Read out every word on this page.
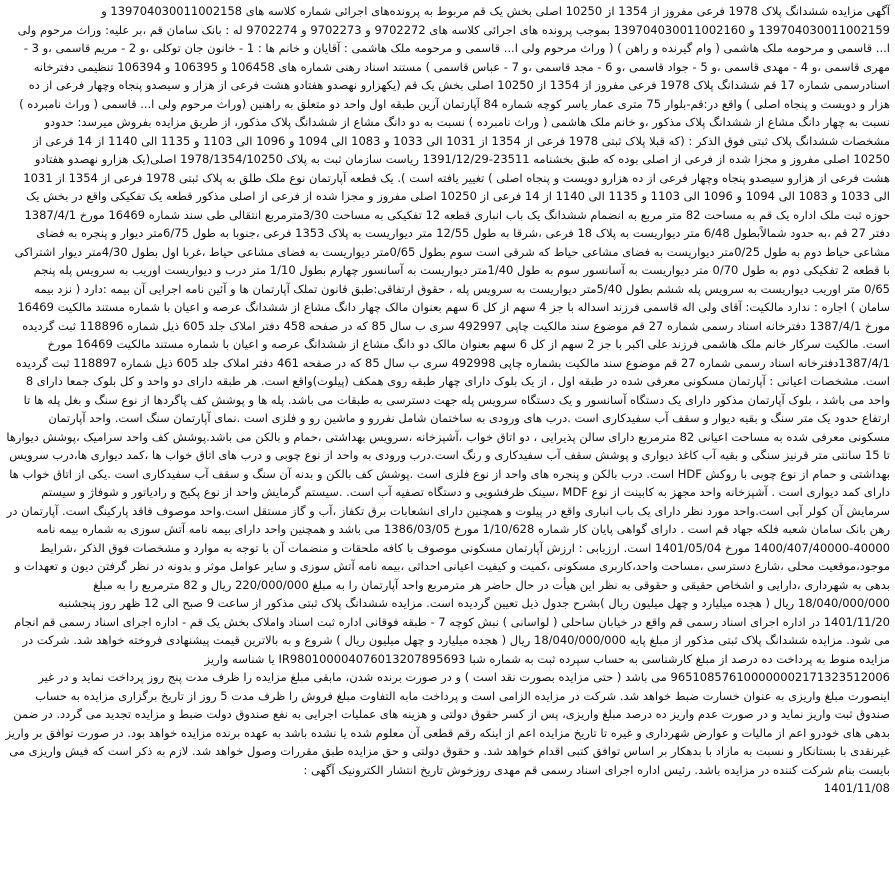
آگهی مزایده ششدانگ پلاک 1978 فرعی مفروز از 1354 از 10250 اصلی بخش یک قم مربوط به پرونده‌های اجرائی شماره کلاسه های 139704030011002158 و 139704030011002159 و 139704030011002160 بموجب پرونده های اجرائی کلاسه های 9702272 و 9702273 و 9702274 له : بانک سامان قم ،بر علیه: وراث مرحوم ولی ا... قاسمی و مرحومه ملک هاشمی ( وام گیرنده و راهن ) ( وراث مرحوم ولی ا... قاسمی و مرحومه ملک هاشمی : آقایان و خانم ها : 1 - خانون جان توکلی ،و 2 - مریم قاسمی ،و 3 - مهری قاسمی ،و 4 - مهدی قاسمی ،و 5 - جواد قاسمی ،و 6 - مجد قاسمی ،و 7 - عباس قاسمی ) مستند اسناد رهنی شماره های 106458 و 106395 و 106394 تنظیمی دفترخانه اسنادرسمی شماره 17 قم ششدانگ پلاک 1978 فرعی مفروز از 1354 از 10250 اصلی بخش یک قم (یکهزارو نهصدو هفتادو هشت فرعی از هزار و سیصدو پنجاه وچهار فرعی از ده هزار و دویست و پنجاه اصلی ) واقع در:قم-بلوار 75 متری عمار یاسر کوچه شماره 84 آپارتمان آرین طبقه اول واحد دو متعلق به راهنین (وراث مرحوم ولی ا... قاسمی ( وراث نامبرده ) نسبت به چهار دانگ مشاع از ششدانگ پلاک مذکور ،و خانم ملک هاشمی ( وراث نامبرده ) نسبت به دو دانگ مشاع از ششدانگ پلاک مذکور، از طریق مزایده بفروش میرسد: حدودو مشخصات ششدانگ پلاک ثبتی فوق الذکر : (که قبلا پلاک ثبتی 1978 فرعی از 1354 از 1031 الی 1033 و 1083 الی 1094 و 1096 الی 1103 و 1135 الی 1140 از 14 فرعی از 10250 اصلی مفروز و مجزا شده از فرعی از اصلی بوده که طبق بخشنامه 23511-1391/12/29 ریاست سازمان ثبت به پلاک 1978/1354/10250 اصلی(یک هزارو نهصدو هفتادو هشت فرعی از هزارو سیصدو پنجاه وچهار فرعی از ده هزارو دویست و پنجاه اصلی ) تغییر یافته است ). یک قطعه آپارتمان نوع ملک طلق به پلاک ثبتی 1978 فرعی از 1354 از 1031 الی 1033 و 1083 الی 1094 و 1096 الی 1103 و 1135 الی 1140 از 14 فرعی از 10250 اصلی مفروز و مجزا شده از فرعی از اصلی مذکور قطعه یک تفکیکی واقع در بخش یک حوزه ثبت ملک اداره یک قم به مساحت 82 متر مربع به انضمام ششدانگ یک باب انباری قطعه 12 تفکیکی به مساحت 3/30مترمربع انتقالی طی سند شماره 16469 مورخ 1387/4/1 دفتر 27 قم ،به حدود شمالاًبطول 6/48 متر دیواریست به پلاک 18 فرعی ،شرقا به طول 12/55 متر دیواریست به پلاک 1353 فرعی ،جنوبا به طول 6/75متر دیوار و پنجره به فضای مشاعی حیاط دوم به طول 0/25متر دیواریست به فضای مشاعی حیاط که شرقی است سوم بطول 0/65متر دیواریست به فضای مشاعی حیاط ،غربا اول بطول 4/30متر دیوار اشتراکی با قطعه 2 تفکیکی دوم به طول 0/70 متر دیواریست به آسانسور سوم به طول 1/40متر دیواریست به آسانسور چهارم بطول 1/10 متر درب و دیواریست اوریب به سرویس پله پنجم 0/65 متر اوریب دیواریست به سرویس پله ششم بطول 5/40متر دیواریست به سرویس پله ، حقوق ارتفاقی:طبق قانون تملک آپارتمان ها و آئین نامه اجرایی آن بیمه :دارد ( نزد بیمه سامان ) اجاره : ندارد مالکیت: آقای ولی اله قاسمی فرزند اسداله با جز 4 سهم از کل 6 سهم بعنوان مالک چهار دانگ مشاع از ششدانگ عرصه و اعیان با شماره مستند مالکیت 16469 مورخ 1387/4/1 دفترخانه اسناد رسمی شماره 27 قم موضوع سند مالکیت چاپی 492997 سری ب سال 85 که در صفحه 458 دفتر املاک جلد 605 ذیل شماره 118896 ثبت گردیده است. مالکیت سرکار خانم ملک هاشمی فرزند علی اکبر با جز 2 سهم از کل 6 سهم بعنوان مالک دو دانگ مشاع از ششدانگ عرصه و اعیان با شماره مستند مالکیت 16469 مورخ 1387/4/1دفترخانه اسناد رسمی شماره 27 قم موضوع سند مالکیت بشماره چاپی 492998 سری ب سال 85 که در صفحه 461 دفتر املاک جلد 605 ذیل شماره 118897 ثبت گردیده است. مشخصات اعیانی : آپارتمان مسکونی معرفی شده در طبقه اول ، از یک بلوک دارای چهار طبقه روی همکف (پیلوت)واقع است. هر طبقه دارای دو واحد و کل بلوک جمعا دارای 8 واحد می باشد ، بلوک آپارتمان مذکور دارای یک دستگاه آسانسور و یک دستگاه سرویس پله جهت دسترسی به طبقات می باشد. پله ها و پوشش کف پاگردها از نوع سنگ و بغل پله ها تا ارتفاع حدود یک متر سنگ و بقیه دیوار و سقف آب سفیدکاری است .درب های ورودی به ساختمان شامل نفررو و ماشین رو و فلزی است .نمای آپارتمان سنگ است. واحد آپارتمان مسکونی معرفی شده به مساحت اعیانی 82 مترمربع دارای سالن پذیرایی ، دو اتاق خواب ،آشپزخانه ،سرویس بهداشتی ،حمام و بالکن می باشد.پوشش کف واحد سرامیک ،پوشش دیوارها تا 15 سانتی متر قرنیز سنگی و بقیه آب کاغذ دیواری و پوشش سقف آب سفیدکاری و رنگ است.درب ورودی به واحد از نوع چوبی و درب های اتاق خواب ها ،کمد دیواری ها،درب سرویس بهداشتی و حمام از نوع چوبی با روکش HDF است. درب بالکن و پنجره های واحد از نوع فلزی است .پوشش کف بالکن و بدنه آن سنگ و سقف آب سفیدکاری است .یکی از اتاق خواب ها دارای کمد دیواری است . آشپزخانه واحد مجهز به کابینت از نوع MDF ،سینک ظرفشویی و دستگاه تصفیه آب است. .سیستم گرمایش واحد از نوع پکیج و رادیاتور و شوفاژ و سیستم سرمایش آن کولر آبی است.واحد مورد نظر دارای یک باب انباری واقع در پیلوت و همچنین دارای انشعابات برق تکفاز ،آب و گاز مستقل است.واحد موصوف فاقد پارکینگ است. آپارتمان در رهن بانک سامان شعبه فلکه جهاد قم است . دارای گواهی پایان کار شماره 1/10/628 مورخ 1386/03/05 می باشد و همچنین واحد دارای بیمه نامه آتش سوزی به شماره بیمه نامه 40000-1400/407/40000 مورخ 1401/05/04 است. ارزیابی : ارزش آپارتمان مسکونی موصوف با کافه ملحقات و منضمات آن با توجه به موارد و مشخصات فوق الذکر ،شرایط موجود،موقعیت محلی ،شارع دسترسی ،مساحت واحد،کاربری مسکونی ،کمیت و کیفیت اعیانی احداثی ،بیمه نامه آتش سوزی و سایر عوامل موثر و بدونه در نظر گرفتن دیون و تعهدات و بدهی به شهرداری ،دارایی و اشخاص حقیقی و حقوقی به نظر این هیأت در حال حاضر هر مترمربع واحد آپارتمان را به مبلغ 220/000/000 ریال و 82 مترمربع را به مبلغ 18/040/000/000 ریال ( هجده میلیارد و چهل میلیون ریال )بشرح جدول ذیل تعیین گردیده است. مزایده ششدانگ پلاک ثبتی مذکور از ساعت 9 صبح الی 12 ظهر روز پنجشنبه 1401/11/20 در اداره اجرای اسناد رسمی قم واقع در خیابان ساحلی ( لواسانی ) نبش کوچه 7 - طبقه فوقانی اداره ثبت اسناد واملاک بخش یک قم - اداره اجرای اسناد رسمی قم انجام می شود. مزایده ششدانگ پلاک ثبتی مذکور از مبلغ پایه 18/040/000/000 ریال ( هجده میلیارد و چهل میلیون ریال ) شروع و به بالاترین قیمت پیشنهادی فروخته خواهد شد. شرکت در مزایده منوط به پرداخت ده درصد از مبلغ کارشناسی به حساب سپرده ثبت به شماره شبا IR980100004076013207895693 یا شناسه واریز 965108576100000002171323512006 می باشد ( حتی مزایده بصورت نقد است ) و در صورت برنده شدن، مابقی مبلغ مزایده را ظرف مدت پنج روز پرداخت نماید و در غیر اینصورت مبلغ واریزی به عنوان خسارت ضبط خواهد شد. شرکت در مزایده الزامی است و پرداخت مابه التفاوت مبلغ فروش را ظرف مدت 5 روز از تاریخ برگزاری مزایده به حساب صندوق ثبت واریز نماید و در صورت عدم واریز ده درصد مبلغ واریزی، پس از کسر حقوق دولتی و هزینه های عملیات اجرایی به نفع صندوق دولت ضبط و مزایده تجدید می گردد. در ضمن بدهی های خودرو اعم از مالیات و عوارض شهرداری و غیره تا تاریخ مزایده اعم از اینکه رقم قطعی آن معلوم شده یا نشده باشد به عهده برنده مزایده خواهد بود. در صورت توافق بر واریز غیرنقدی با بستانکار و نسبت به مازاد با بدهکار بر اساس توافق کتبی اقدام خواهد شد. و حقوق دولتی و حق مزایده طبق مقررات وصول خواهد شد. لازم به ذکر است که فیش واریزی می بایست بنام شرکت کننده در مزایده باشد. رئیس اداره اجرای اسناد رسمی قم مهدی روزخوش تاریخ انتشار الکترونیک آگهی :

1401/11/08
